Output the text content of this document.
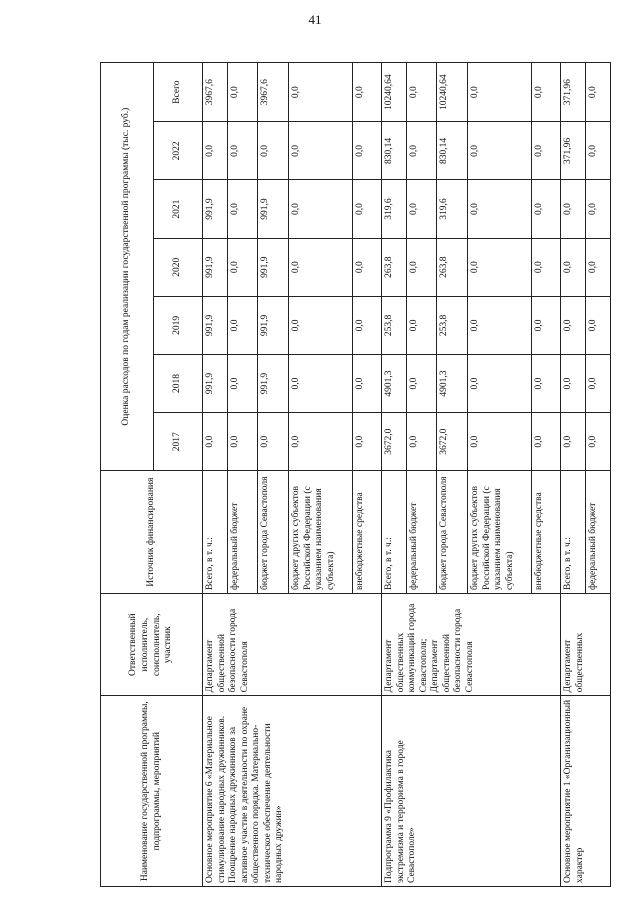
41
Наименование государственной программы, подпрограммы, мероприятий	Ответственный исполнитель, соисполнитель, участник	Источник финансирования	Оценка расходов по годам реализации государственной программы (тыс. руб.)						
			2017	2018	2019	2020	2021	2022	Всего
Основное мероприятие 6 «Материальное стимулирование народных дружинников. Поощрение народных дружинников за активное участие в деятельности по охране общественного порядка. Материально-техническое обеспечение деятельности народных дружин»	Департамент общественной безопасности города Севастополя	Всего, в т. ч.:	0,0	991,9	991,9	991,9	991,9	0,0	3967,6
		федеральный бюджет	0,0	0,0	0,0	0,0	0,0	0,0	0,0
		бюджет города Севастополя	0,0	991,9	991,9	991,9	991,9	0,0	3967,6
		бюджет других субъектов Российской Федерации (с указанием наименования субъекта)	0,0	0,0	0,0	0,0	0,0	0,0	0,0
		внебюджетные средства	0,0	0,0	0,0	0,0	0,0	0,0	0,0
Подпрограмма 9 «Профилактика экстремизма и терроризма в городе Севастополе»	Департамент общественных коммуникаций города Севастополя; Департамент общественной безопасности города Севастополя	Всего, в т. ч.:	3672,0	4901,3	253,8	263,8	319,6	830,14	10240,64
		федеральный бюджет	0,0	0,0	0,0	0,0	0,0	0,0	0,0
		бюджет города Севастополя	3672,0	4901,3	253,8	263,8	319,6	830,14	10240,64
		бюджет других субъектов Российской Федерации (с указанием наименования субъекта)	0,0	0,0	0,0	0,0	0,0	0,0	0,0
		внебюджетные средства	0,0	0,0	0,0	0,0	0,0	0,0	0,0
Основное мероприятие 1 «Организационный характер	Департамент общественных	Всего, в т. ч.:	0,0	0,0	0,0	0,0	0,0	371,96	371,96
		федеральный бюджет	0,0	0,0	0,0	0,0	0,0	0,0	0,0
